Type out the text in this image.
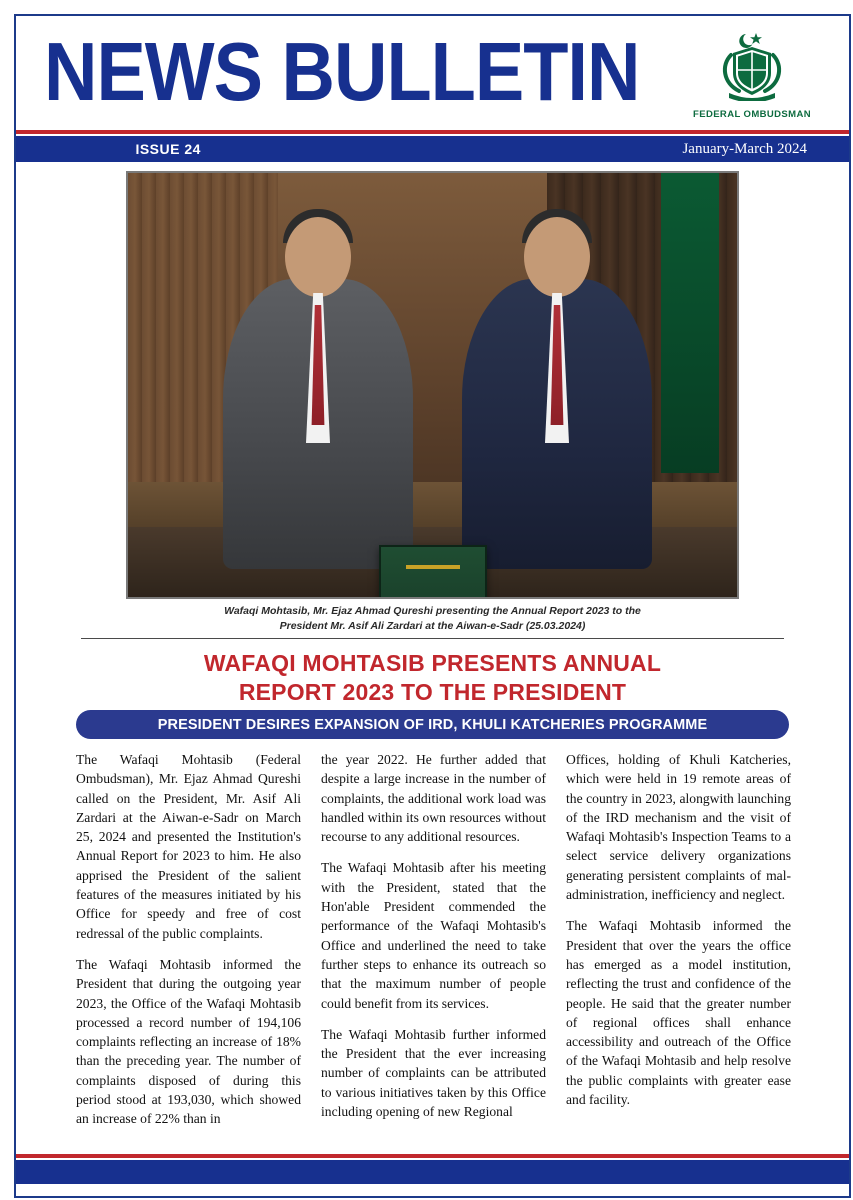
NEWS BULLETIN	FEDERAL OMBUDSMAN
ISSUE 24	January-March 2024
Wafaqi Mohtasib, Mr. Ejaz Ahmad Qureshi presenting the Annual Report 2023 to the
President Mr. Asif Ali Zardari at the Aiwan-e-Sadr (25.03.2024)
WAFAQI MOHTASIB PRESENTS ANNUAL
REPORT 2023 TO THE PRESIDENT
PRESIDENT DESIRES EXPANSION OF IRD, KHULI KATCHERIES PROGRAMME

The Wafaqi Mohtasib (Federal Ombudsman), Mr. Ejaz Ahmad Qureshi called on the President, Mr. Asif Ali Zardari at the Aiwan-e-Sadr on March 25, 2024 and presented the Institution's Annual Report for 2023 to him. He also apprised the President of the salient features of the measures initiated by his Office for speedy and free of cost redressal of the public complaints.

The Wafaqi Mohtasib informed the President that during the outgoing year 2023, the Office of the Wafaqi Mohtasib processed a record number of 194,106 complaints reflecting an increase of 18% than the preceding year. The number of complaints disposed of during this period stood at 193,030, which showed an increase of 22% than in

the year 2022. He further added that despite a large increase in the number of complaints, the additional work load was handled within its own resources without recourse to any additional resources.

The Wafaqi Mohtasib after his meeting with the President, stated that the Hon'able President commended the performance of the Wafaqi Mohtasib's Office and underlined the need to take further steps to enhance its outreach so that the maximum number of people could benefit from its services.

The Wafaqi Mohtasib further informed the President that the ever increasing number of complaints can be attributed to various initiatives taken by this Office including opening of new Regional

Offices, holding of Khuli Katcheries, which were held in 19 remote areas of the country in 2023, alongwith launching of the IRD mechanism and the visit of Wafaqi Mohtasib's Inspection Teams to a select service delivery organizations generating persistent complaints of mal-administration, inefficiency and neglect.

The Wafaqi Mohtasib informed the President that over the years the office has emerged as a model institution, reflecting the trust and confidence of the people. He said that the greater number of regional offices shall enhance accessibility and outreach of the Office of the Wafaqi Mohtasib and help resolve the public complaints with greater ease and facility.
